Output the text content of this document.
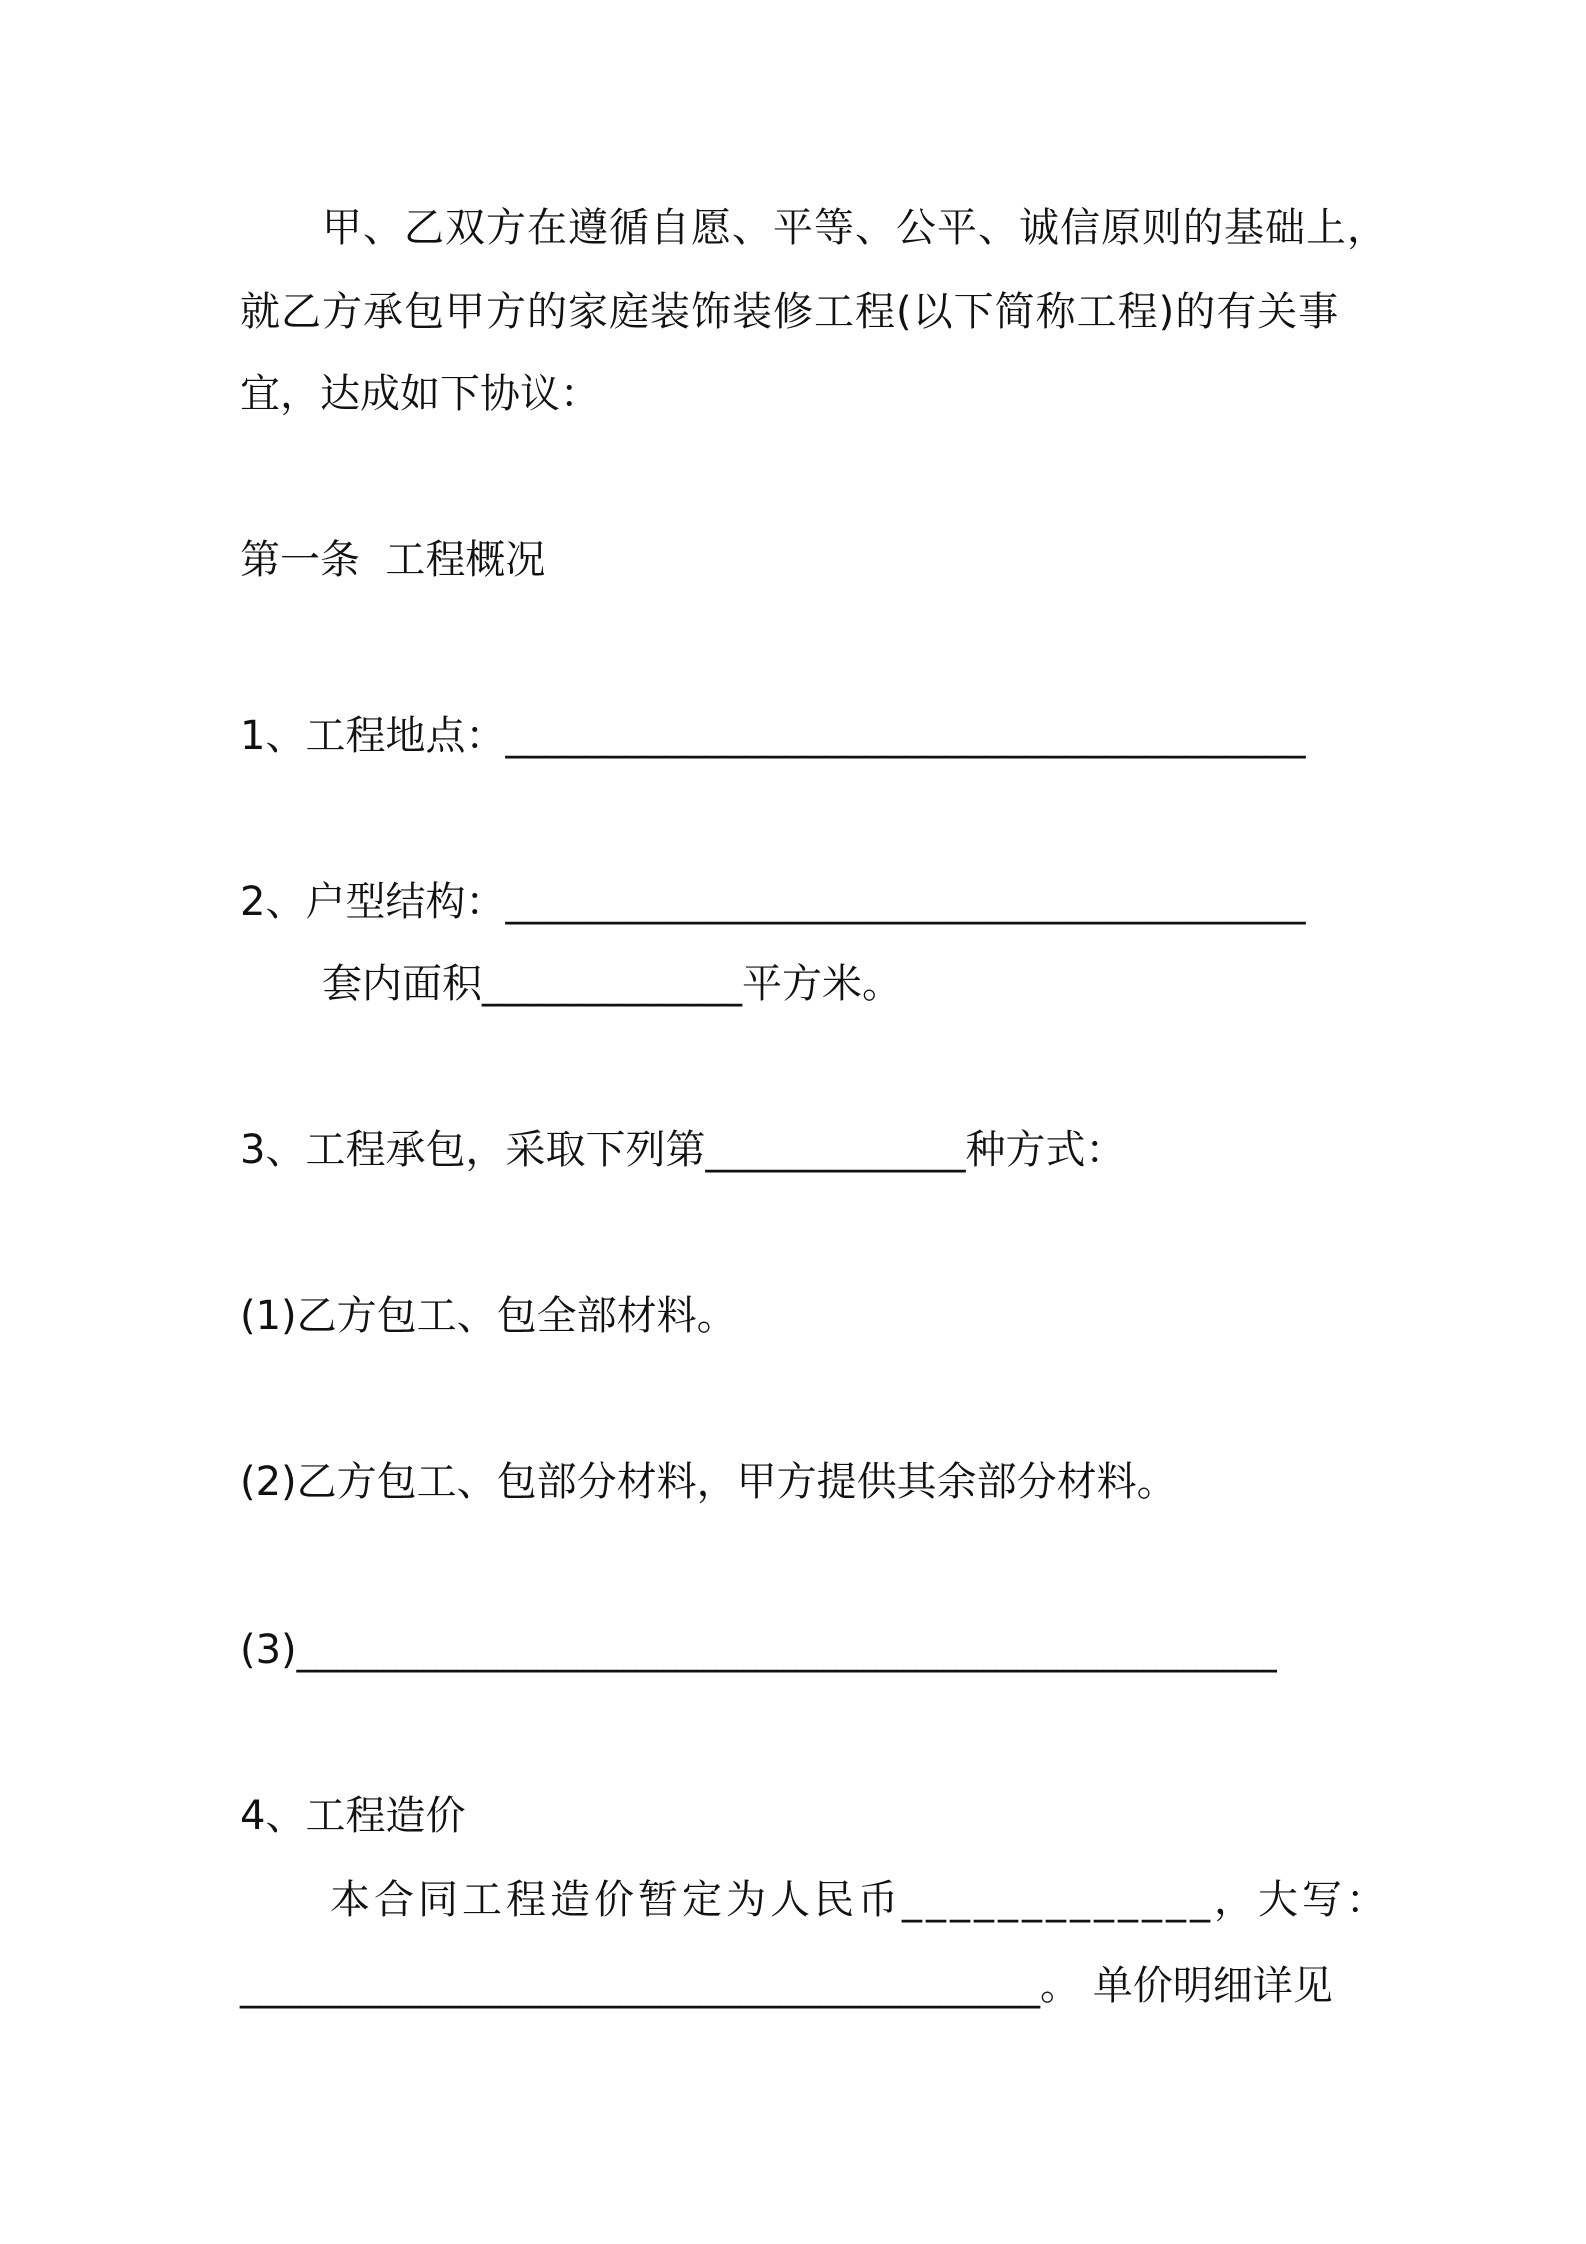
甲、乙双方在遵循自愿、平等、公平、诚信原则的基础上，
就乙方承包甲方的家庭装饰装修工程(以下简称工程)的有关事
宜，达成如下协议：
第一条  工程概况
1、工程地点：________________________________________
2、户型结构：________________________________________
套内面积_____________平方米。
3、工程承包，采取下列第_____________种方式：
(1)乙方包工、包全部材料。
(2)乙方包工、包部分材料，甲方提供其余部分材料。
(3)_________________________________________________
4、工程造价
本合同工程造价暂定为人民币_____________，大写：
________________________________________。 单价明细详见
